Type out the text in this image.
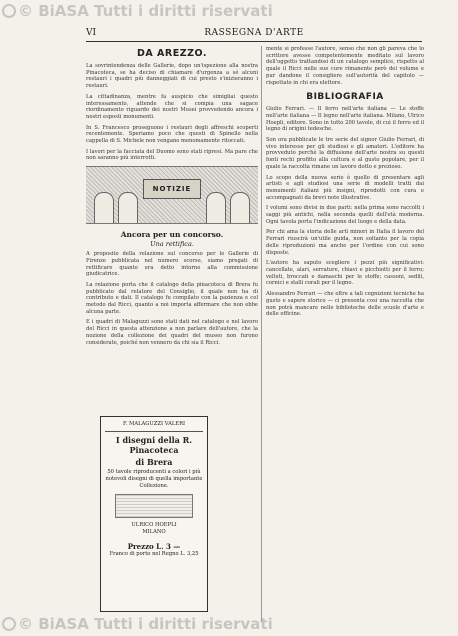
© BiASA Tutti i diritti riservati
VI	RASSEGNA D'ARTE
DA AREZZO.

La sovrintendenza delle Gallerie, dopo un'ispezione alla nostra Pinacoteca, se ha deciso di chiamare d'urgenza a sé alcuni restauri i quadri più danneggiati di cui presto s'inizieranno i restauri.

La cittadinanza, mentre fa auspicio che simigliai questo interessamento, attende che si compia una sagace riordinamento riguardo dei nostri Musei provvedendo ancora i nostri esposti monumenti.

In S. Francesco proseguono i restauri degli affreschi scoperti recentemente. Speriamo poco che questi di Spinello nella cappella di S. Michele non vengano menomamente ritoccati.

I lavori per la facciata del Duomo sono stati ripresi. Ma pare che non saranno più interrotti.

NOTIZIE
Ancora per un concorso.
Una rettifica.

A proposito della relazione sul concorso per le Gallerie di Firenze pubblicata nel numero scorso, siamo pregati di rettificare quanto era detto intorno alla commissione giudicatrice.

La relazione porta che il catalogo della pinacoteca di Brera fu pubblicato dal relatore del Consiglio, il quale non ha di contributo e dati. Il catalogo fu compilato con la pazienza e col metodo dal Ricci, quanto a noi importa affermare che non ebbe alcuna parte.

E i quadri di Malaguzzi sono stati dati nel catalogo e nel lavoro del Ricci in questa attenzione a non parlare dell'autore, che la nozione della collezione dei quadri del museo non furono considerate, poiché non vennero da chi sia il Ricci.

mente si professe l'autore, senso che non gli pareva che lo scrittore avesse competentemente meditato sul lavoro dell'oggetto trattandosi di un catalogo semplice, rispetto al quale il Ricci nelle sue cure rimanente però del volume e pur dandone il consigliere sull'autorità del capitolo — rispettato in chi era elettore.

BIBLIOGRAFIA

Giulio Ferrari. — Il ferro nell'arte italiana — Le stoffe nell'arte italiana — Il legno nell'arte italiana. Milano, Ulrico Hoepli, editore. Sono in tutto 200 tavole, di cui il ferro ed il legno di origini tedesche.

Son ora pubblicate le tre serie del signor Giulio Ferrari, di vivo interesse per gli studiosi e gli amatori. L'editore ha provveduto perché la diffusione dell'arte nostra su questi fonti rechi profitto alla cultura e al gusto popolare, per il quale la raccolta rimane un lavoro dotto e prezioso.

Lo scopo della nuova serie è quello di presentare agli artisti e agli studiosi una serie di modelli tratti dai monumenti italiani più insigni, riprodotti con cura e accompagnati da brevi note illustrative.

I volumi sono divisi in due parti: nella prima sono raccolti i saggi più antichi, nella seconda quelli dell'età moderna. Ogni tavola porta l'indicazione del luogo e della data.

Per chi ama la storia delle arti minori in Italia il lavoro del Ferrari riuscirà un'utile guida, non soltanto per la copia delle riproduzioni ma anche per l'ordine con cui sono disposte.

L'autore ha saputo scegliere i pezzi più significativi: cancellate, alari, serrature, chiavi e picchiotti per il ferro; velluti, broccati e damaschi per le stoffe; cassoni, sedili, cornici e stalli corali per il legno.

Alessandro Ferrari — che oltre a tali cognizioni tecniche ha gusto e sapere storico — ci presenta così una raccolta che non potrà mancare nelle biblioteche delle scuole d'arte e delle officine.

F. MALAGUZZI VALERI
I disegni della R. Pinacoteca
di Brera
50 tavole riproducenti a colori i più notevoli disegni di quella importante Collezione.
ULRICO HOEPLI
MILANO
Prezzo L. 3 —
Franco di porto nel Regno L. 3,25
© BiASA Tutti i diritti riservati
